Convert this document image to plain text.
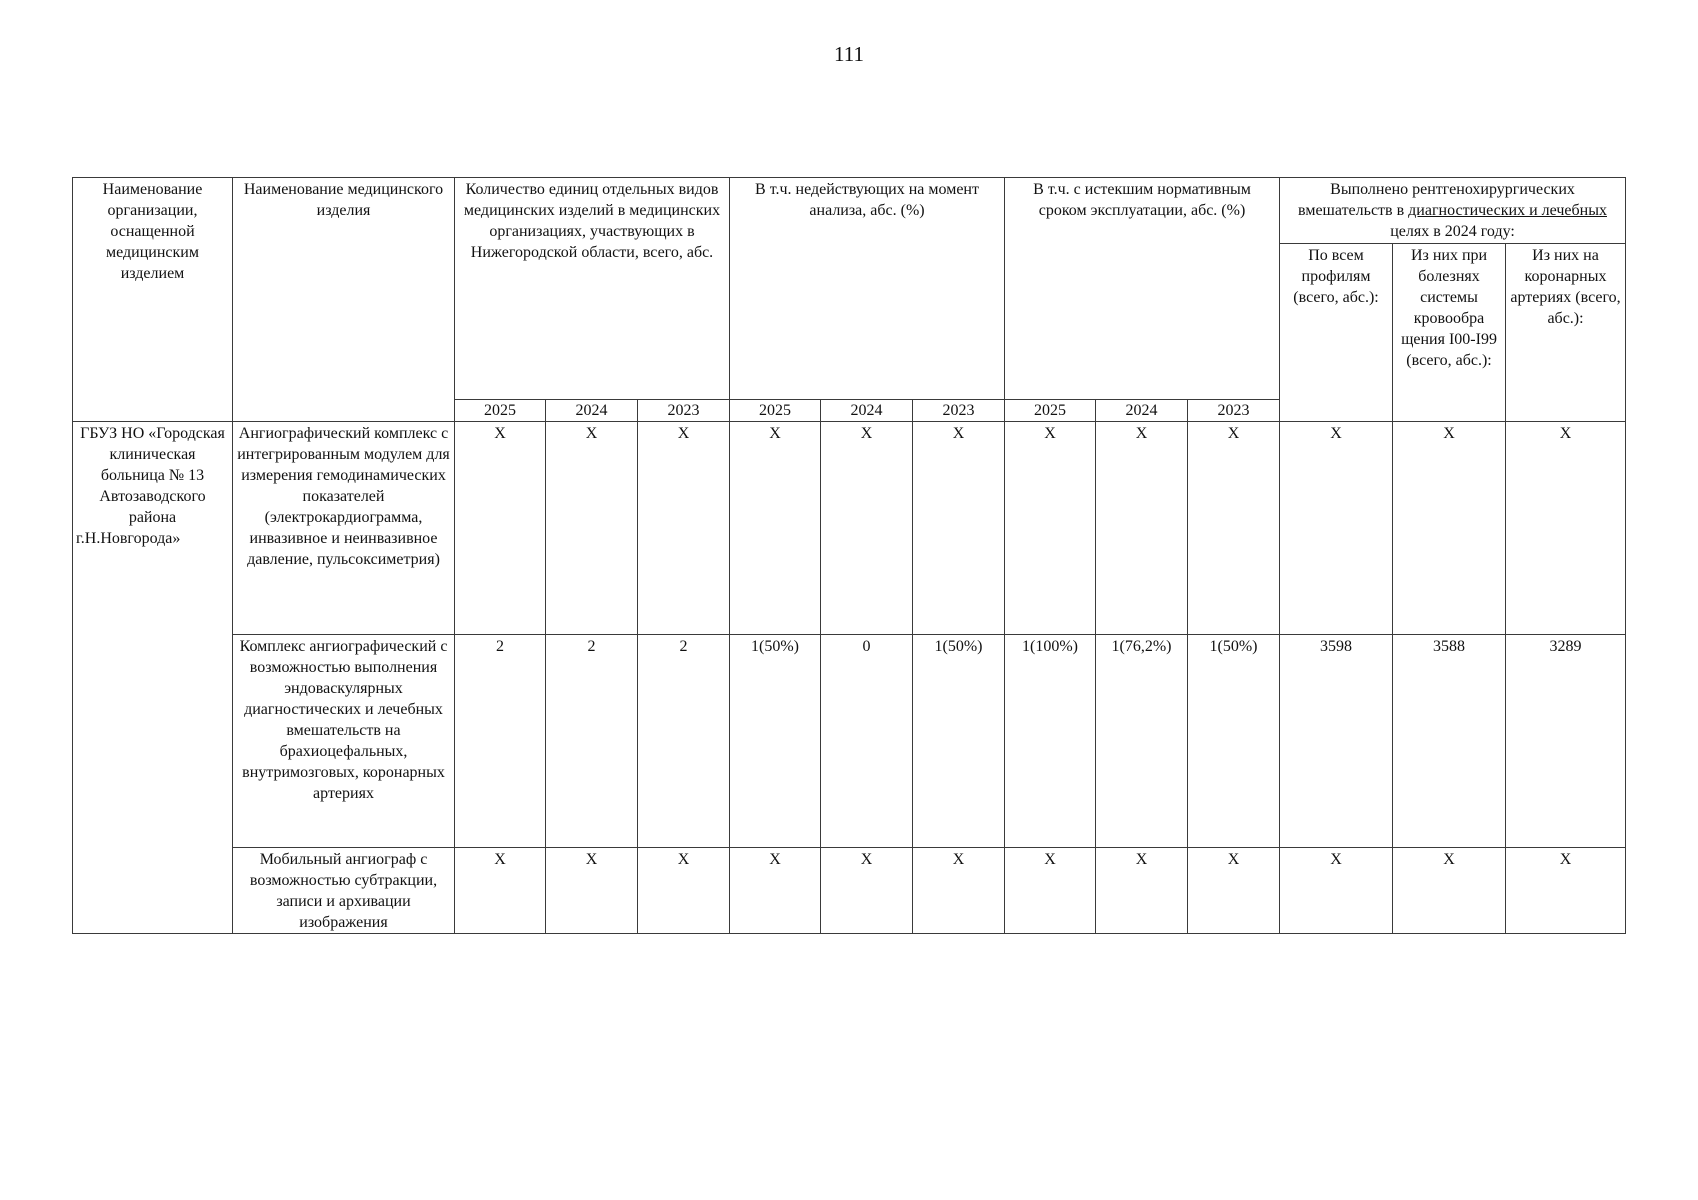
111
Наименование организации, оснащенной медицинским изделием	Наименование медицинского изделия	Количество единиц отдельных видов медицинских изделий в медицинских организациях, участвующих в Нижегородской области, всего, абс.			В т.ч. недействующих на момент анализа, абс. (%)			В т.ч. с истекшим нормативным сроком эксплуатации, абс. (%)			Выполнено рентгенохирургических вмешательств в диагностических и лечебных целях в 2024 году:		
											По всем профилям (всего, абс.):	Из них при болезнях системы кровообра щения I00-I99 (всего, абс.):	Из них на коронарных артериях (всего, абс.):
		2025	2024	2023	2025	2024	2023	2025	2024	2023			

ГБУЗ НО «Городская клиническая больница № 13 Автозаводского района г.Н.Новгорода»	Ангиографический комплекс с интегрированным модулем для измерения гемодинамических показателей (электрокардиограмма, инвазивное и неинвазивное давление, пульсоксиметрия)	X	X	X	X	X	X	X	X	X	X	X	X
	Комплекс ангиографический с возможностью выполнения эндоваскулярных диагностических и лечебных вмешательств на брахиоцефальных, внутримозговых, коронарных артериях	2	2	2	1(50%)	0	1(50%)	1(100%)	1(76,2%)	1(50%)	3598	3588	3289
	Мобильный ангиограф с возможностью субтракции, записи и архивации изображения	X	X	X	X	X	X	X	X	X	X	X	X
